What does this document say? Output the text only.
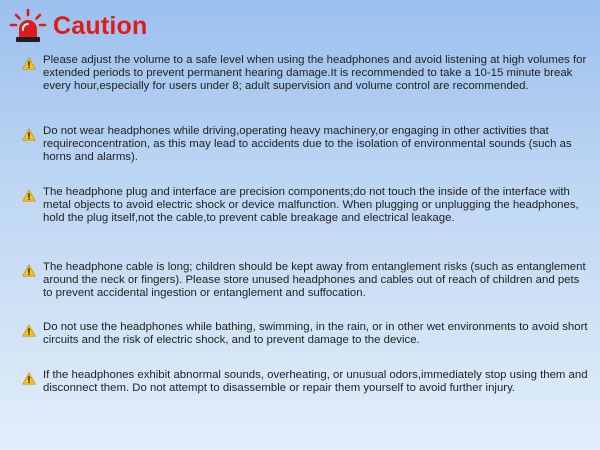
Caution
Please adjust the volume to a safe level when using the headphones and avoid listening at high volumes for extended periods to prevent permanent hearing damage.It is recommended to take a 10-15 minute break every hour,especially for users under 8; adult supervision and volume control are recommended.
Do not wear headphones while driving,operating heavy machinery,or engaging in other activities that requireconcentration, as this may lead to accidents due to the isolation of environmental sounds (such as horns and alarms).
The headphone plug and interface are precision components;do not touch the inside of the interface with metal objects to avoid electric shock or device malfunction. When plugging or unplugging the headphones, hold the plug itself,not the cable,to prevent cable breakage and electrical leakage.
The headphone cable is long; children should be kept away from entanglement risks (such as entanglement around the neck or fingers). Please store unused headphones and cables out of reach of children and pets to prevent accidental ingestion or entanglement and suffocation.
Do not use the headphones while bathing, swimming, in the rain, or in other wet environments to avoid short circuits and the risk of electric shock, and to prevent damage to the device.
If the headphones exhibit abnormal sounds, overheating, or unusual odors,immediately stop using them and disconnect them. Do not attempt to disassemble or repair them yourself to avoid further injury.
